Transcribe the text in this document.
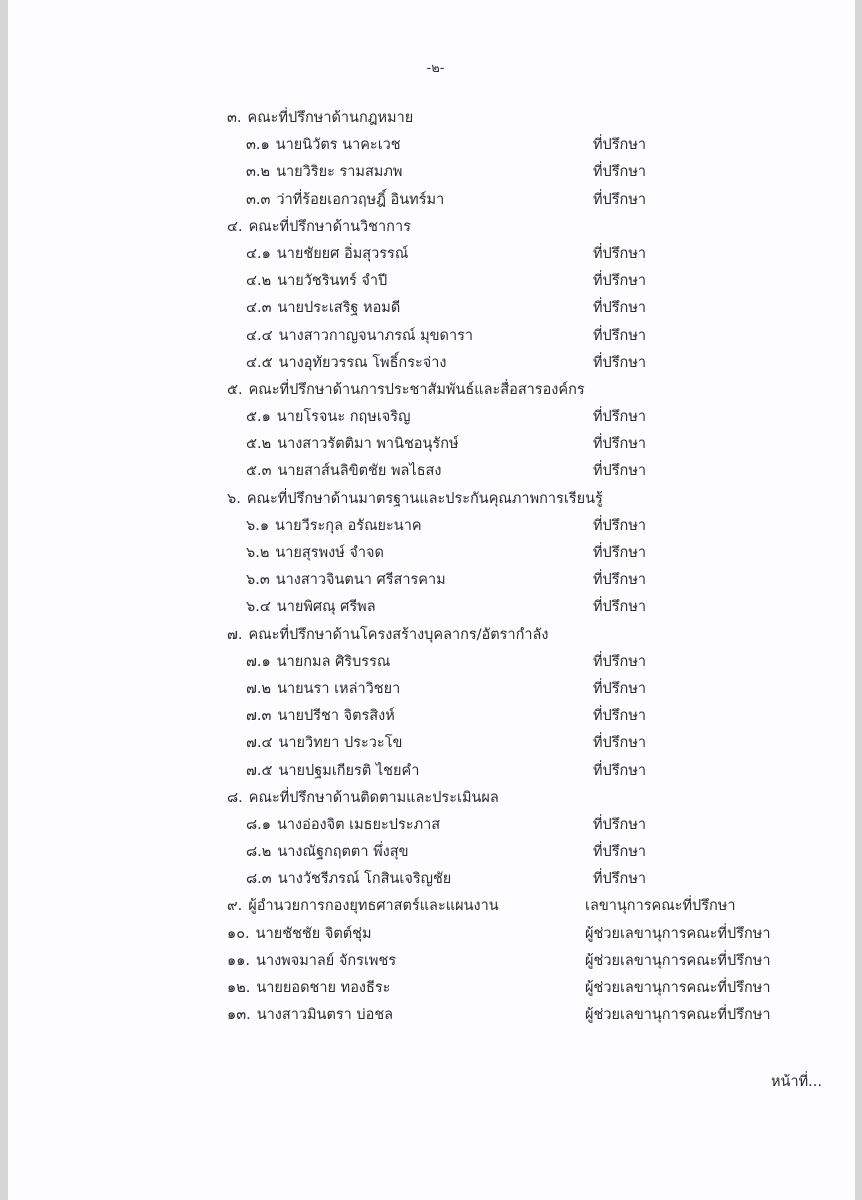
-๒-
๓. คณะที่ปรึกษาด้านกฎหมาย
๓.๑ นายนิวัตร นาคะเวช	ที่ปรึกษา
๓.๒ นายวิริยะ รามสมภพ	ที่ปรึกษา
๓.๓ ว่าที่ร้อยเอกวฤษฎิ์ อินทร์มา	ที่ปรึกษา
๔. คณะที่ปรึกษาด้านวิชาการ
๔.๑ นายชัยยศ อิ่มสุวรรณ์	ที่ปรึกษา
๔.๒ นายวัชรินทร์ จำปี	ที่ปรึกษา
๔.๓ นายประเสริฐ หอมดี	ที่ปรึกษา
๔.๔ นางสาวกาญจนาภรณ์ มุขดารา	ที่ปรึกษา
๔.๕ นางอุทัยวรรณ โพธิ์กระจ่าง	ที่ปรึกษา
๕. คณะที่ปรึกษาด้านการประชาสัมพันธ์และสื่อสารองค์กร
๕.๑ นายโรจนะ กฤษเจริญ	ที่ปรึกษา
๕.๒ นางสาวรัตติมา พานิชอนุรักษ์	ที่ปรึกษา
๕.๓ นายสาส์นลิขิตชัย พลไธสง	ที่ปรึกษา
๖. คณะที่ปรึกษาด้านมาตรฐานและประกันคุณภาพการเรียนรู้
๖.๑ นายวีระกุล อรัณยะนาค	ที่ปรึกษา
๖.๒ นายสุรพงษ์ จำจด	ที่ปรึกษา
๖.๓ นางสาวจินตนา ศรีสารคาม	ที่ปรึกษา
๖.๔ นายพิศณุ ศรีพล	ที่ปรึกษา
๗. คณะที่ปรึกษาด้านโครงสร้างบุคลากร/อัตรากำลัง
๗.๑ นายกมล ศิริบรรณ	ที่ปรึกษา
๗.๒ นายนรา เหล่าวิชยา	ที่ปรึกษา
๗.๓ นายปรีชา จิตรสิงห์	ที่ปรึกษา
๗.๔ นายวิทยา ประวะโข	ที่ปรึกษา
๗.๕ นายปฐมเกียรติ ไชยคำ	ที่ปรึกษา
๘. คณะที่ปรึกษาด้านติดตามและประเมินผล
๘.๑ นางอ่องจิต เมธยะประภาส	ที่ปรึกษา
๘.๒ นางณัฐกฤตตา พึ่งสุข	ที่ปรึกษา
๘.๓ นางวัชรีภรณ์ โกสินเจริญชัย	ที่ปรึกษา
๙. ผู้อำนวยการกองยุทธศาสตร์และแผนงาน	เลขานุการคณะที่ปรึกษา
๑๐. นายชัชชัย จิตต์ชุ่ม	ผู้ช่วยเลขานุการคณะที่ปรึกษา
๑๑. นางพจมาลย์ จักรเพชร	ผู้ช่วยเลขานุการคณะที่ปรึกษา
๑๒. นายยอดชาย ทองธีระ	ผู้ช่วยเลขานุการคณะที่ปรึกษา
๑๓. นางสาวมินตรา บ่อชล	ผู้ช่วยเลขานุการคณะที่ปรึกษา
หน้าที่...
